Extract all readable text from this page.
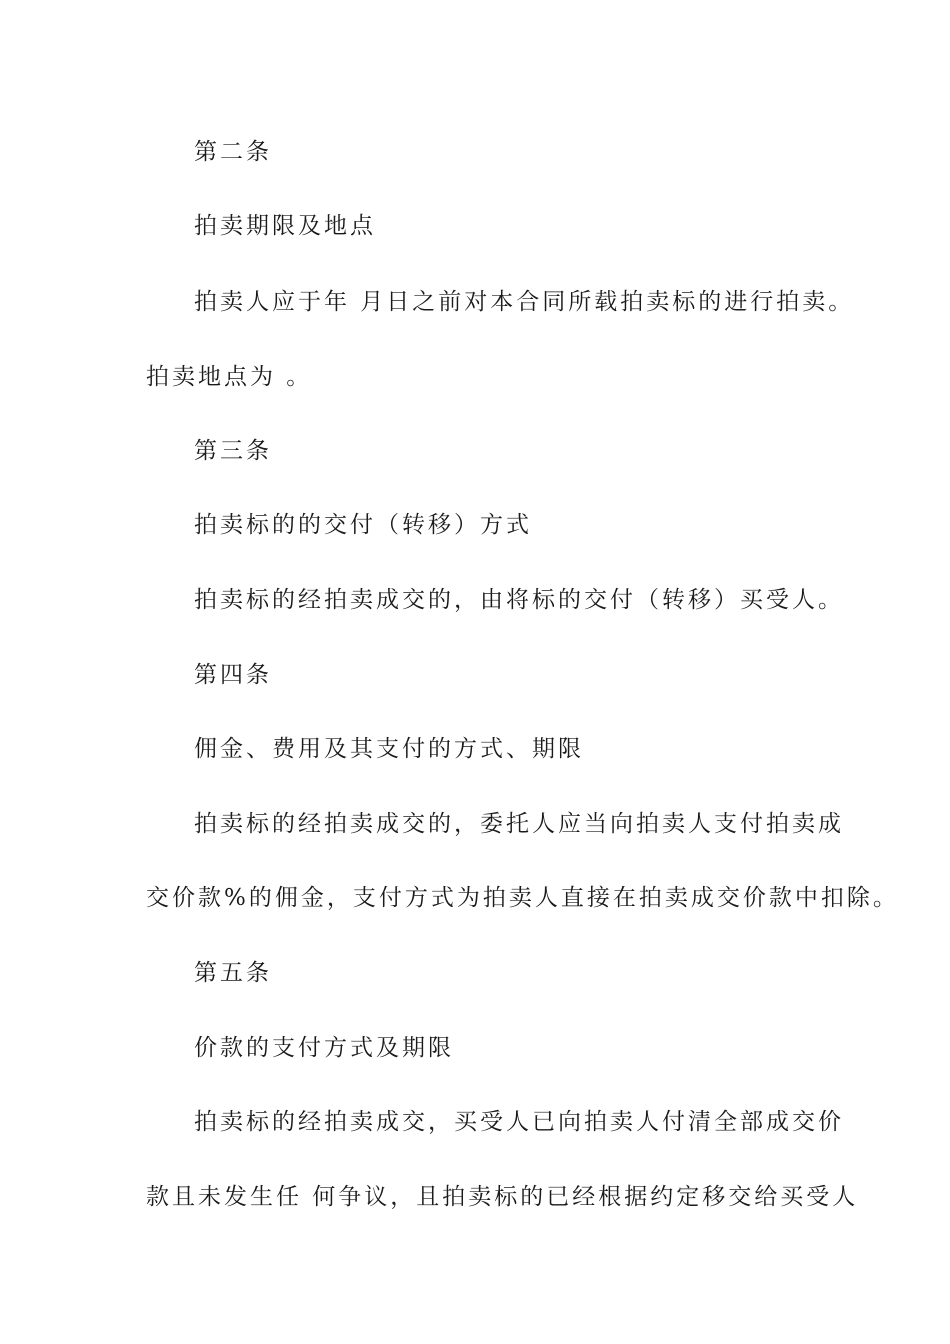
第二条
拍卖期限及地点
拍卖人应于年 月日之前对本合同所载拍卖标的进行拍卖。
拍卖地点为 。
第三条
拍卖标的的交付（转移）方式
拍卖标的经拍卖成交的，由将标的交付（转移）买受人。
第四条
佣金、费用及其支付的方式、期限
拍卖标的经拍卖成交的，委托人应当向拍卖人支付拍卖成
交价款%的佣金，支付方式为拍卖人直接在拍卖成交价款中扣除。
第五条
价款的支付方式及期限
拍卖标的经拍卖成交，买受人已向拍卖人付清全部成交价
款且未发生任 何争议，且拍卖标的已经根据约定移交给买受人
